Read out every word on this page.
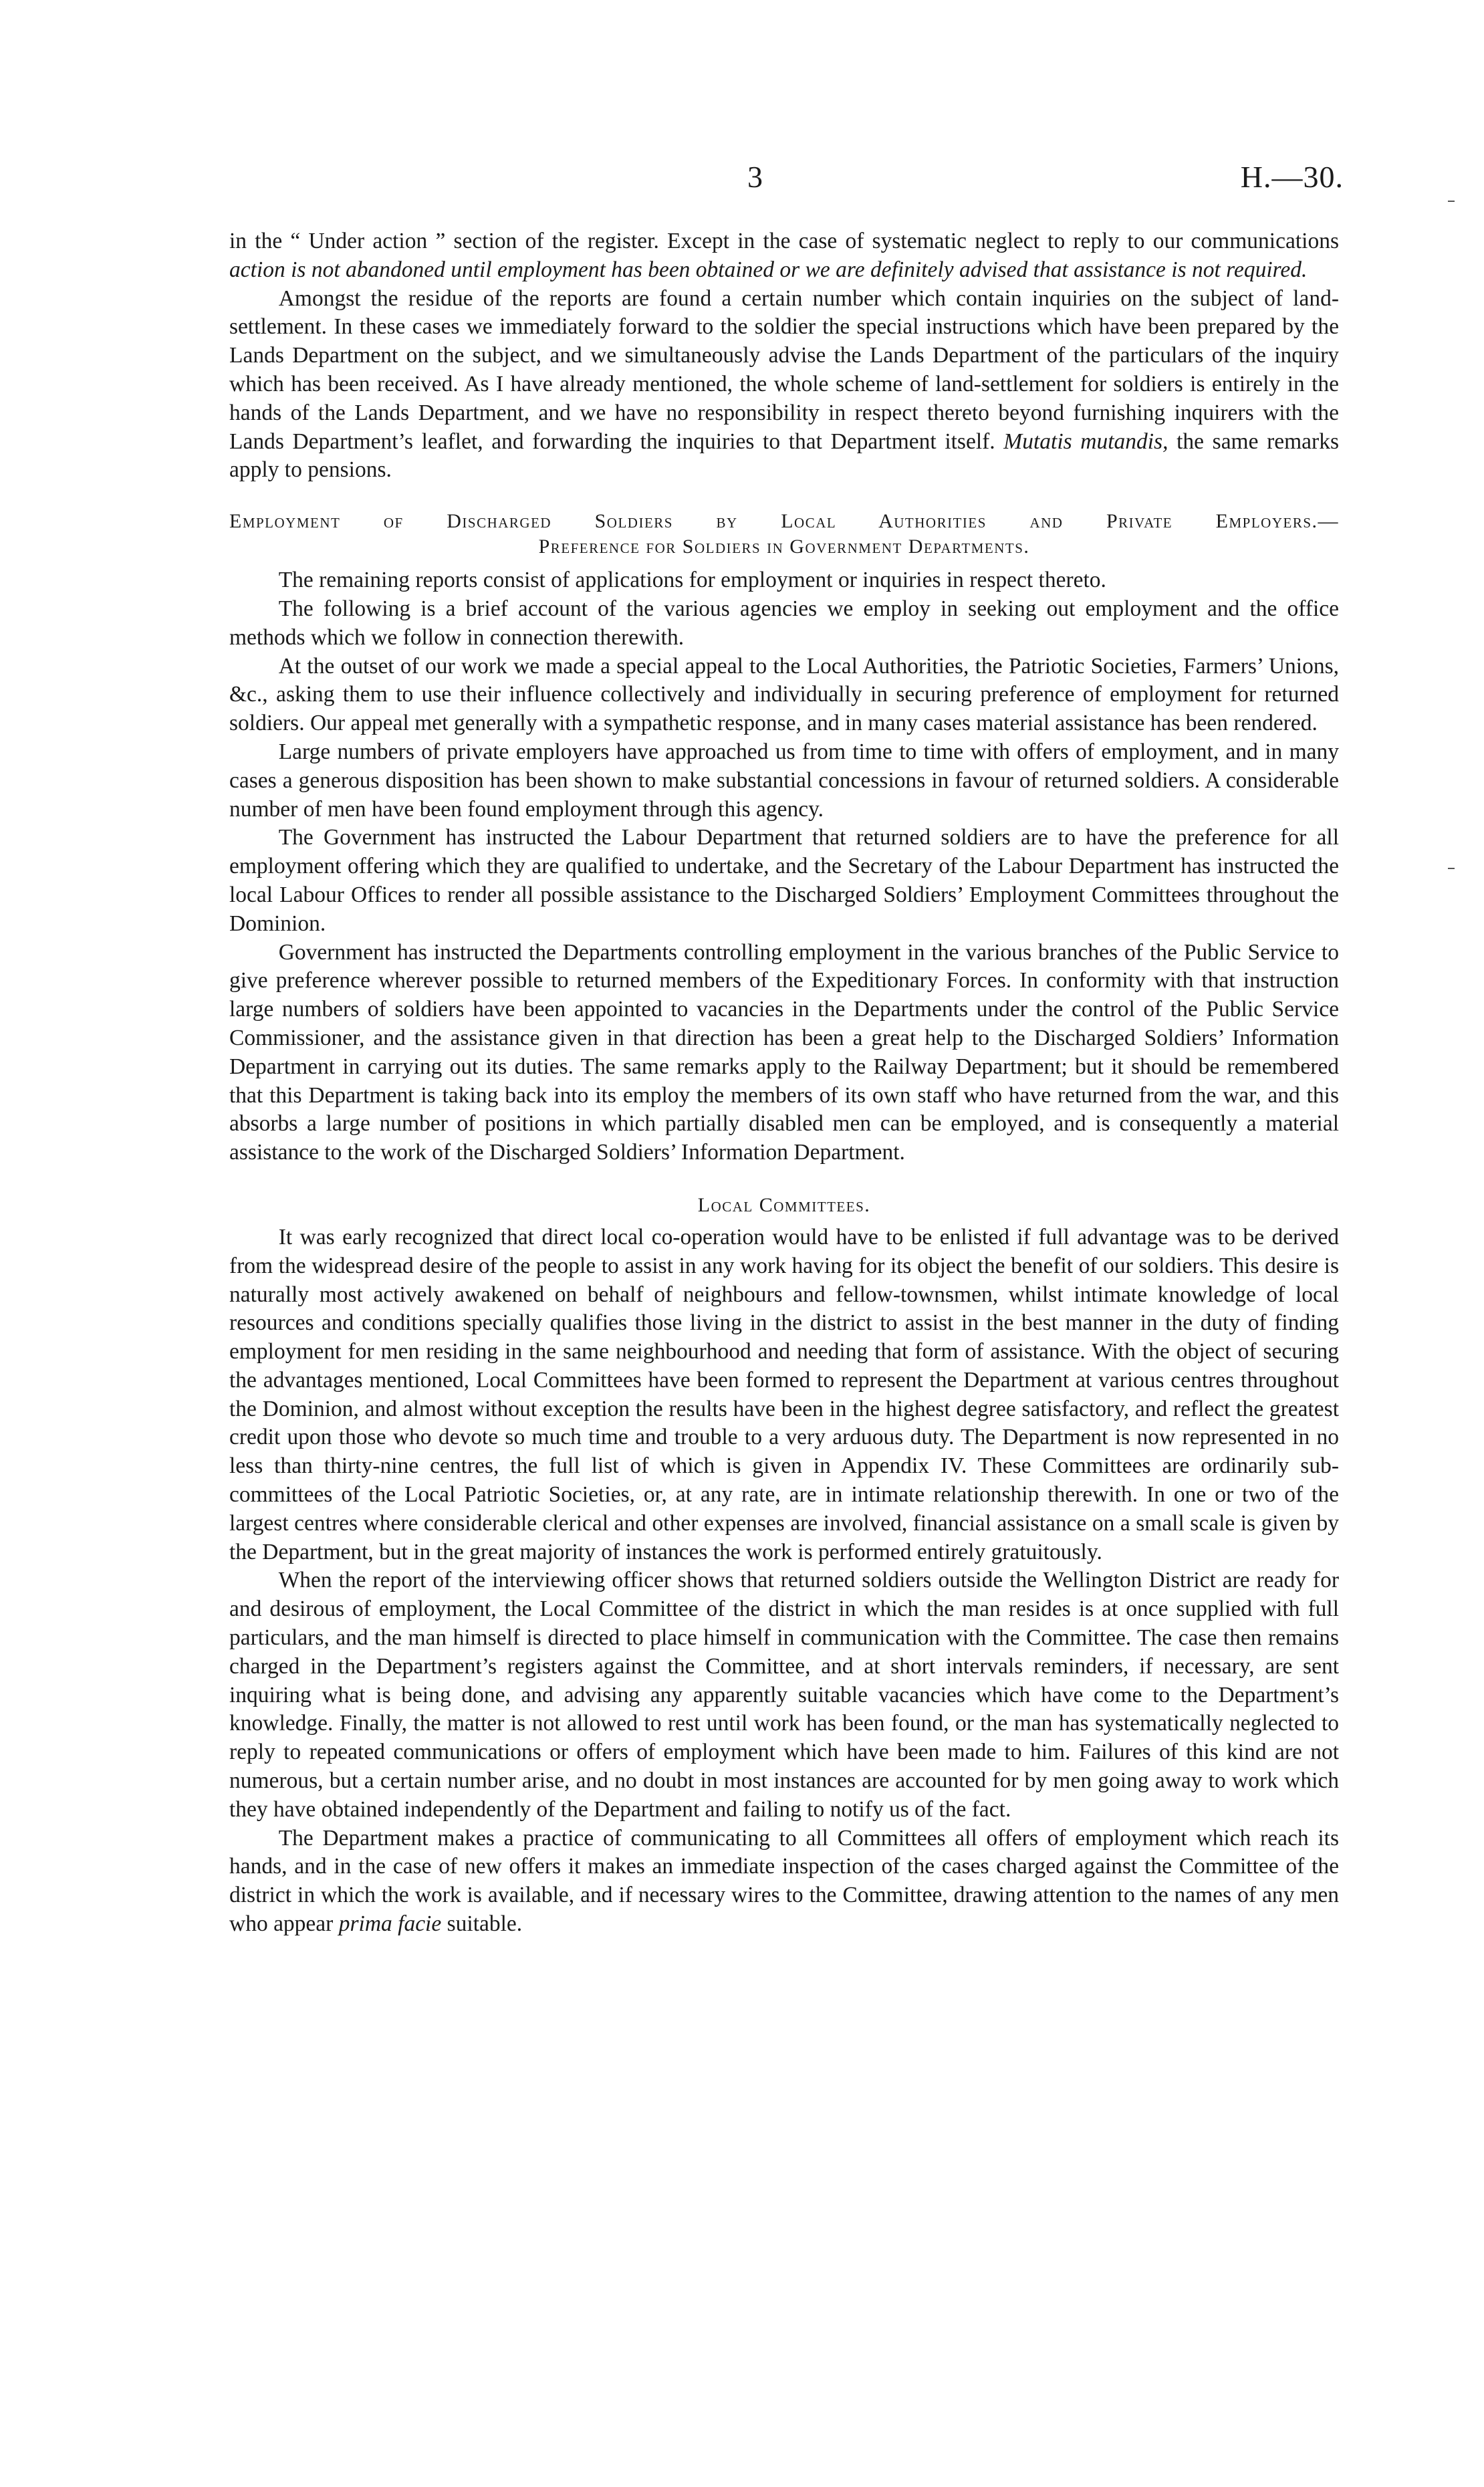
3	H.—30.

in the “ Under action ” section of the register. Except in the case of systematic neglect to reply to our communications action is not abandoned until employment has been obtained or we are definitely advised that assistance is not required.

Amongst the residue of the reports are found a certain number which contain inquiries on the subject of land-settlement. In these cases we immediately forward to the soldier the special instructions which have been prepared by the Lands Department on the subject, and we simultaneously advise the Lands Department of the particulars of the inquiry which has been received. As I have already mentioned, the whole scheme of land-settlement for soldiers is entirely in the hands of the Lands Department, and we have no responsibility in respect thereto beyond furnishing inquirers with the Lands Department’s leaflet, and forwarding the inquiries to that Department itself. Mutatis mutandis, the same remarks apply to pensions.

Employment of Discharged Soldiers by Local Authorities and Private Employers.—
Preference for Soldiers in Government Departments.

The remaining reports consist of applications for employment or inquiries in respect thereto.

The following is a brief account of the various agencies we employ in seeking out employment and the office methods which we follow in connection therewith.

At the outset of our work we made a special appeal to the Local Authorities, the Patriotic Societies, Farmers’ Unions, &c., asking them to use their influence collectively and individually in securing preference of employment for returned soldiers. Our appeal met generally with a sympathetic response, and in many cases material assistance has been rendered.

Large numbers of private employers have approached us from time to time with offers of employment, and in many cases a generous disposition has been shown to make substantial concessions in favour of returned soldiers. A considerable number of men have been found employment through this agency.

The Government has instructed the Labour Department that returned soldiers are to have the preference for all employment offering which they are qualified to undertake, and the Secretary of the Labour Department has instructed the local Labour Offices to render all possible assistance to the Discharged Soldiers’ Employment Committees throughout the Dominion.

Government has instructed the Departments controlling employment in the various branches of the Public Service to give preference wherever possible to returned members of the Expeditionary Forces. In conformity with that instruction large numbers of soldiers have been appointed to vacancies in the Departments under the control of the Public Service Commissioner, and the assistance given in that direction has been a great help to the Discharged Soldiers’ Information Department in carrying out its duties. The same remarks apply to the Railway Department; but it should be remembered that this Department is taking back into its employ the members of its own staff who have returned from the war, and this absorbs a large number of positions in which partially disabled men can be employed, and is consequently a material assistance to the work of the Discharged Soldiers’ Information Department.

Local Committees.

It was early recognized that direct local co-operation would have to be enlisted if full advantage was to be derived from the widespread desire of the people to assist in any work having for its object the benefit of our soldiers. This desire is naturally most actively awakened on behalf of neighbours and fellow-townsmen, whilst intimate knowledge of local resources and conditions specially qualifies those living in the district to assist in the best manner in the duty of finding employment for men residing in the same neighbourhood and needing that form of assistance. With the object of securing the advantages mentioned, Local Committees have been formed to represent the Department at various centres throughout the Dominion, and almost without exception the results have been in the highest degree satisfactory, and reflect the greatest credit upon those who devote so much time and trouble to a very arduous duty. The Department is now represented in no less than thirty-nine centres, the full list of which is given in Appendix IV. These Committees are ordinarily sub-committees of the Local Patriotic Societies, or, at any rate, are in intimate relationship therewith. In one or two of the largest centres where considerable clerical and other expenses are involved, financial assistance on a small scale is given by the Department, but in the great majority of instances the work is performed entirely gratuitously.

When the report of the interviewing officer shows that returned soldiers outside the Wellington District are ready for and desirous of employment, the Local Committee of the district in which the man resides is at once supplied with full particulars, and the man himself is directed to place himself in communication with the Committee. The case then remains charged in the Department’s registers against the Committee, and at short intervals reminders, if necessary, are sent inquiring what is being done, and advising any apparently suitable vacancies which have come to the Department’s knowledge. Finally, the matter is not allowed to rest until work has been found, or the man has systematically neglected to reply to repeated communications or offers of employment which have been made to him. Failures of this kind are not numerous, but a certain number arise, and no doubt in most instances are accounted for by men going away to work which they have obtained independently of the Department and failing to notify us of the fact.

The Department makes a practice of communicating to all Committees all offers of employment which reach its hands, and in the case of new offers it makes an immediate inspection of the cases charged against the Committee of the district in which the work is available, and if necessary wires to the Committee, drawing attention to the names of any men who appear prima facie suitable.
